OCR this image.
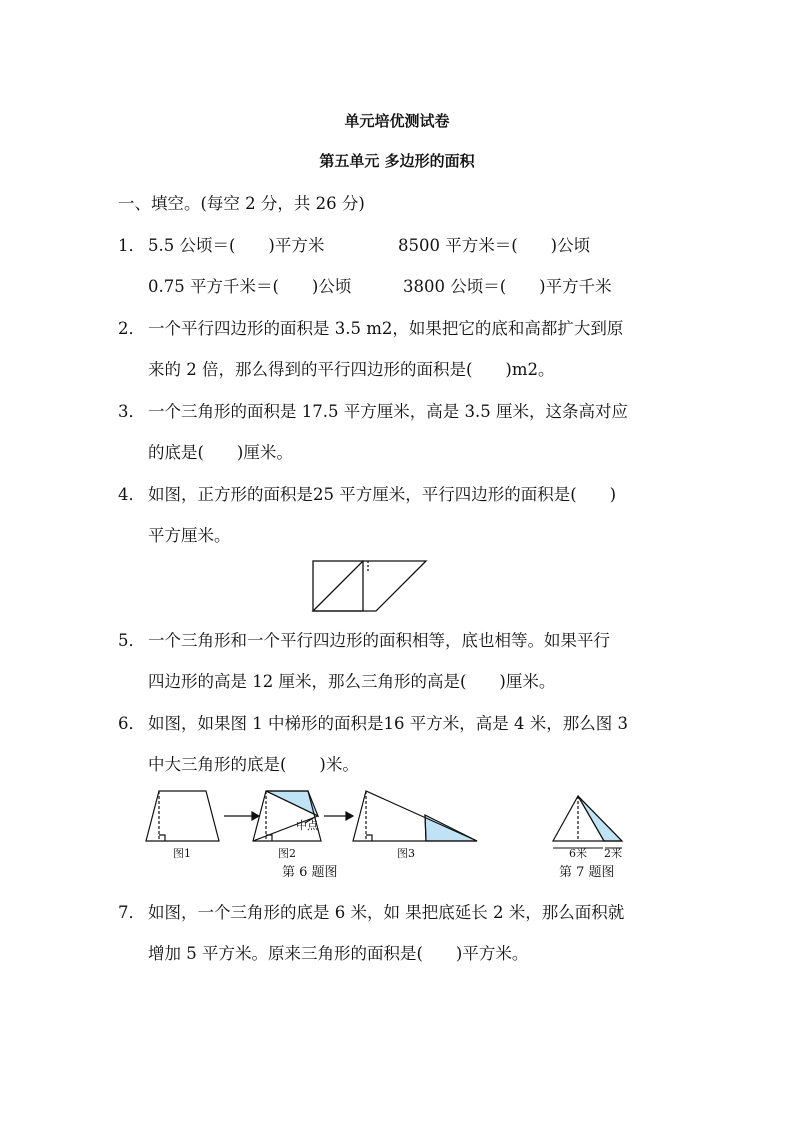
单元培优测试卷
第五单元 多边形的面积
一、填空。(每空 2 分，共 26 分)
1． 5.5 公顷＝(　　)平方米	8500 平方米＝(　　)公顷
0.75 平方千米＝(　　)公顷	3800 公顷＝(　　)平方千米
2． 一个平行四边形的面积是 3.5 m2，如果把它的底和高都扩大到原
来的 2 倍，那么得到的平行四边形的面积是(　　)m2。
3． 一个三角形的面积是 17.5 平方厘米，高是 3.5 厘米，这条高对应
的底是(　　)厘米。
4． 如图，正方形的面积是25 平方厘米，平行四边形的面积是(　　)
平方厘米。
5． 一个三角形和一个平行四边形的面积相等，底也相等。如果平行
四边形的高是 12 厘米，那么三角形的高是(　　)厘米。
6． 如图，如果图 1 中梯形的面积是16 平方米，高是 4 米，那么图 3
中大三角形的底是(　　)米。
中点
图1	图2	图3	6米 2米
第 6 题图	第 7 题图
7． 如图，一个三角形的底是 6 米，如 果把底延长 2 米，那么面积就
增加 5 平方米。原来三角形的面积是(　　)平方米。
